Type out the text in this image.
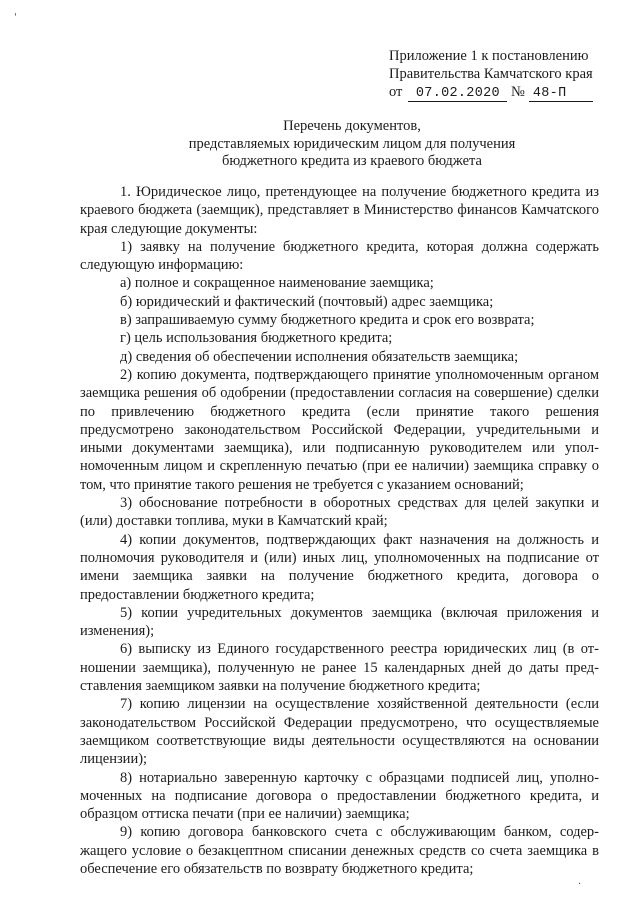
'
Приложение 1 к постановлению
Правительства Камчатского края
от 07.02.2020 № 48-П
Перечень документов,
представляемых юридическим лицом для получения
бюджетного кредита из краевого бюджета

1. Юридическое лицо, претендующее на получение бюджетного кредита из краевого бюджета (заемщик), представляет в Министерство финансов Камчатского края следующие документы:

1) заявку на получение бюджетного кредита, которая должна содержать следующую информацию:

а) полное и сокращенное наименование заемщика;

б) юридический и фактический (почтовый) адрес заемщика;

в) запрашиваемую сумму бюджетного кредита и срок его возврата;

г) цель использования бюджетного кредита;

д) сведения об обеспечении исполнения обязательств заемщика;

2) копию документа, подтверждающего принятие уполномоченным органом заемщика решения об одобрении (предоставлении согласия на совершение) сделки по привлечению бюджетного кредита (если принятие такого решения предусмотрено законодательством Российской Федерации, учредительными и иными документами заемщика), или подписанную руководителем или уполномоченным лицом и скрепленную печатью (при ее наличии) заемщика справку о том, что принятие такого решения не требуется с указанием оснований;

3) обоснование потребности в оборотных средствах для целей закупки и (или) доставки топлива, муки в Камчатский край;

4) копии документов, подтверждающих факт назначения на должность и полномочия руководителя и (или) иных лиц, уполномоченных на подписание от имени заемщика заявки на получение бюджетного кредита, договора о предоставлении бюджетного кредита;

5) копии учредительных документов заемщика (включая приложения и изменения);

6) выписку из Единого государственного реестра юридических лиц (в отношении заемщика), полученную не ранее 15 календарных дней до даты представления заемщиком заявки на получение бюджетного кредита;

7) копию лицензии на осуществление хозяйственной деятельности (если законодательством Российской Федерации предусмотрено, что осуществляемые заемщиком соответствующие виды деятельности осуществляются на основании лицензии);

8) нотариально заверенную карточку с образцами подписей лиц, уполномоченных на подписание договора о предоставлении бюджетного кредита, и образцом оттиска печати (при ее наличии) заемщика;

9) копию договора банковского счета с обслуживающим банком, содержащего условие о безакцептном списании денежных средств со счета заемщика в обеспечение его обязательств по возврату бюджетного кредита;

.
